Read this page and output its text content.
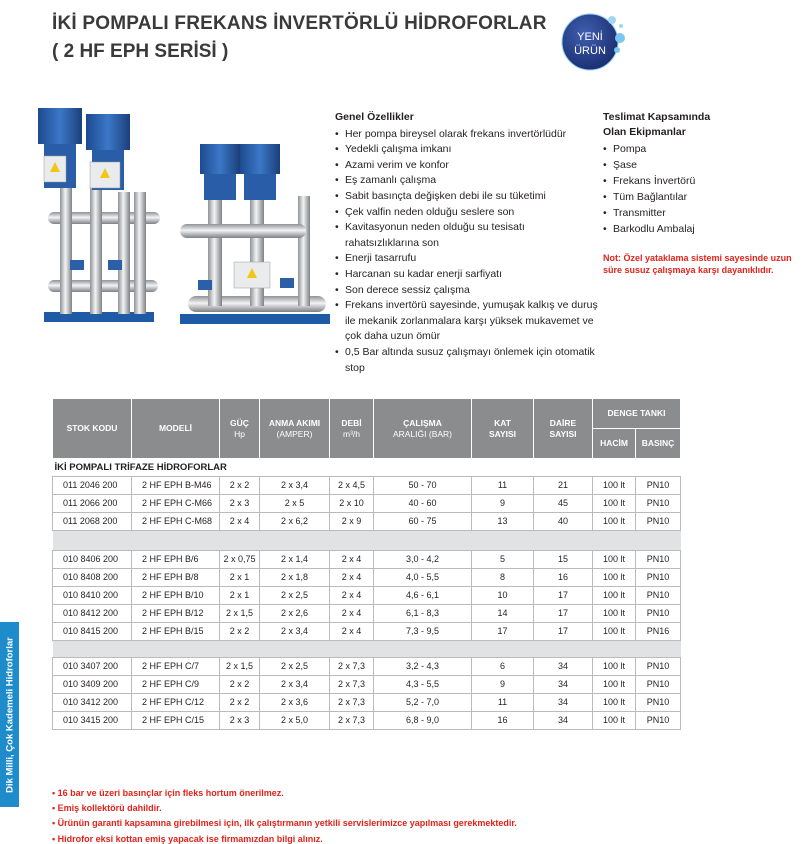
İKİ POMPALI FREKANS İNVERTÖRLÜ HİDROFORLAR
( 2 HF EPH SERİSİ )
YENİ
ÜRÜN
Genel Özellikler
• Her pompa bireysel olarak frekans invertörlüdür
• Yedekli çalışma imkanı
• Azami verim ve konfor
• Eş zamanlı çalışma
• Sabit basınçta değişken debi ile su tüketimi
• Çek valfin neden olduğu seslere son
• Kavitasyonun neden olduğu su tesisatı rahatsızlıklarına son
• Enerji tasarrufu
• Harcanan su kadar enerji sarfiyatı
• Son derece sessiz çalışma
• Frekans invertörü sayesinde, yumuşak kalkış ve duruş ile mekanik zorlanmalara karşı yüksek mukavemet ve çok daha uzun ömür
• 0,5 Bar altında susuz çalışmayı önlemek için otomatik stop
Teslimat Kapsamında
Olan Ekipmanlar
• Pompa
• Şase
• Frekans İnvertörü
• Tüm Bağlantılar
• Transmitter
• Barkodlu Ambalaj
Not: Özel yataklama sistemi sayesinde uzun süre susuz çalışmaya karşı dayanıklıdır.
Dik Milli, Çok Kademeli Hidroforlar
STOK KODU	MODELİ	GÜÇ
Hp	ANMA AKIMI
(AMPER)	DEBİ
m³/h	ÇALIŞMA
ARALIĞI (BAR)	KAT
SAYISI	DAİRE
SAYISI	DENGE TANKI	
								HACİM	BASINÇ
İKİ POMPALI TRİFAZE HİDROFORLAR									
011 2046 200	2 HF EPH B-M46	2 x 2	2 x 3,4	2 x 4,5	50 - 70	11	21	100 lt	PN10
011 2066 200	2 HF EPH C-M66	2 x 3	2 x 5	2 x 10	40 - 60	9	45	100 lt	PN10
011 2068 200	2 HF EPH C-M68	2 x 4	2 x 6,2	2 x 9	60 - 75	13	40	100 lt	PN10

010 8406 200	2 HF EPH B/6	2 x 0,75	2 x 1,4	2 x 4	3,0 - 4,2	5	15	100 lt	PN10
010 8408 200	2 HF EPH B/8	2 x 1	2 x 1,8	2 x 4	4,0 - 5,5	8	16	100 lt	PN10
010 8410 200	2 HF EPH B/10	2 x 1	2 x 2,5	2 x 4	4,6 - 6,1	10	17	100 lt	PN10
010 8412 200	2 HF EPH B/12	2 x 1,5	2 x 2,6	2 x 4	6,1 - 8,3	14	17	100 lt	PN10
010 8415 200	2 HF EPH B/15	2 x 2	2 x 3,4	2 x 4	7,3 - 9,5	17	17	100 lt	PN16

010 3407 200	2 HF EPH C/7	2 x 1,5	2 x 2,5	2 x 7,3	3,2 - 4,3	6	34	100 lt	PN10
010 3409 200	2 HF EPH C/9	2 x 2	2 x 3,4	2 x 7,3	4,3 - 5,5	9	34	100 lt	PN10
010 3412 200	2 HF EPH C/12	2 x 2	2 x 3,6	2 x 7,3	5,2 - 7,0	11	34	100 lt	PN10
010 3415 200	2 HF EPH C/15	2 x 3	2 x 5,0	2 x 7,3	6,8 - 9,0	16	34	100 lt	PN10
• 16 bar ve üzeri basınçlar için fleks hortum önerilmez.
• Emiş kollektörü dahildir.
• Ürünün garanti kapsamına girebilmesi için, ilk çalıştırmanın yetkili servislerimizce yapılması gerekmektedir.
• Hidrofor eksi kottan emiş yapacak ise firmamızdan bilgi alınız.
